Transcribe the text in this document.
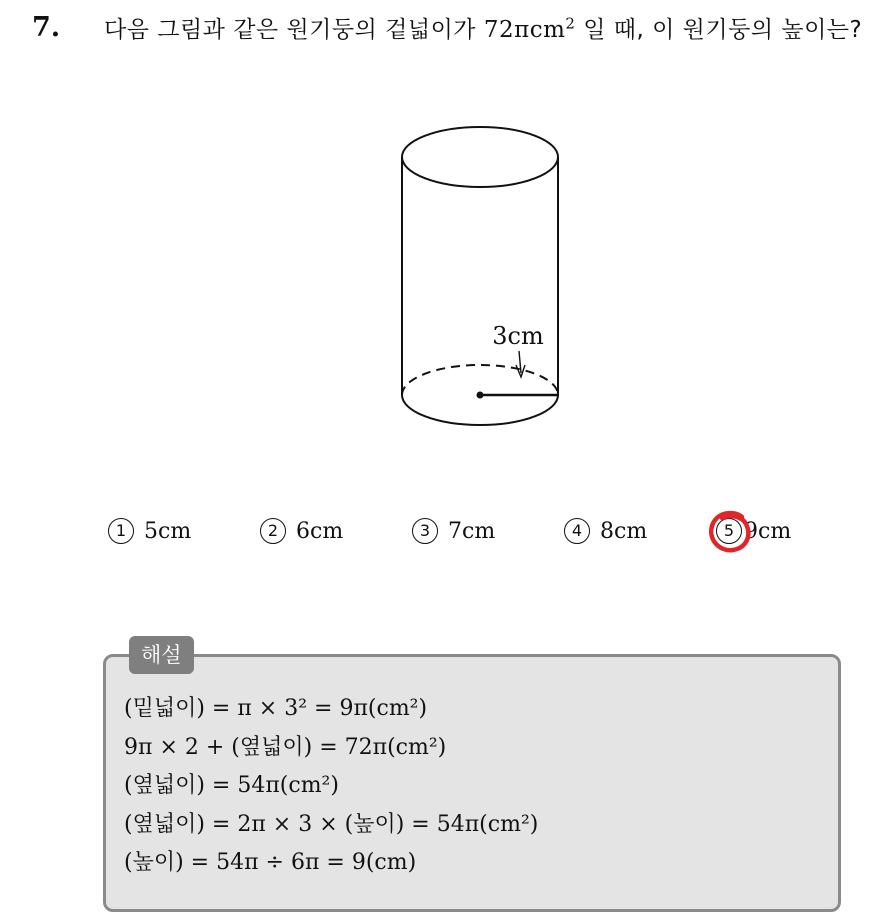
7. 다음 그림과 같은 원기둥의 겉넓이가 72πcm$^2$ 일 때, 이 원기둥의 높이는?
3cm
1 5cm	2 6cm	3 7cm	4 8cm	5 9cm
해설
(밑넓이) = π × 3² = 9π(cm²)
9π × 2 + (옆넓이) = 72π(cm²)
(옆넓이) = 54π(cm²)
(옆넓이) = 2π × 3 × (높이) = 54π(cm²)
(높이) = 54π ÷ 6π = 9(cm)
